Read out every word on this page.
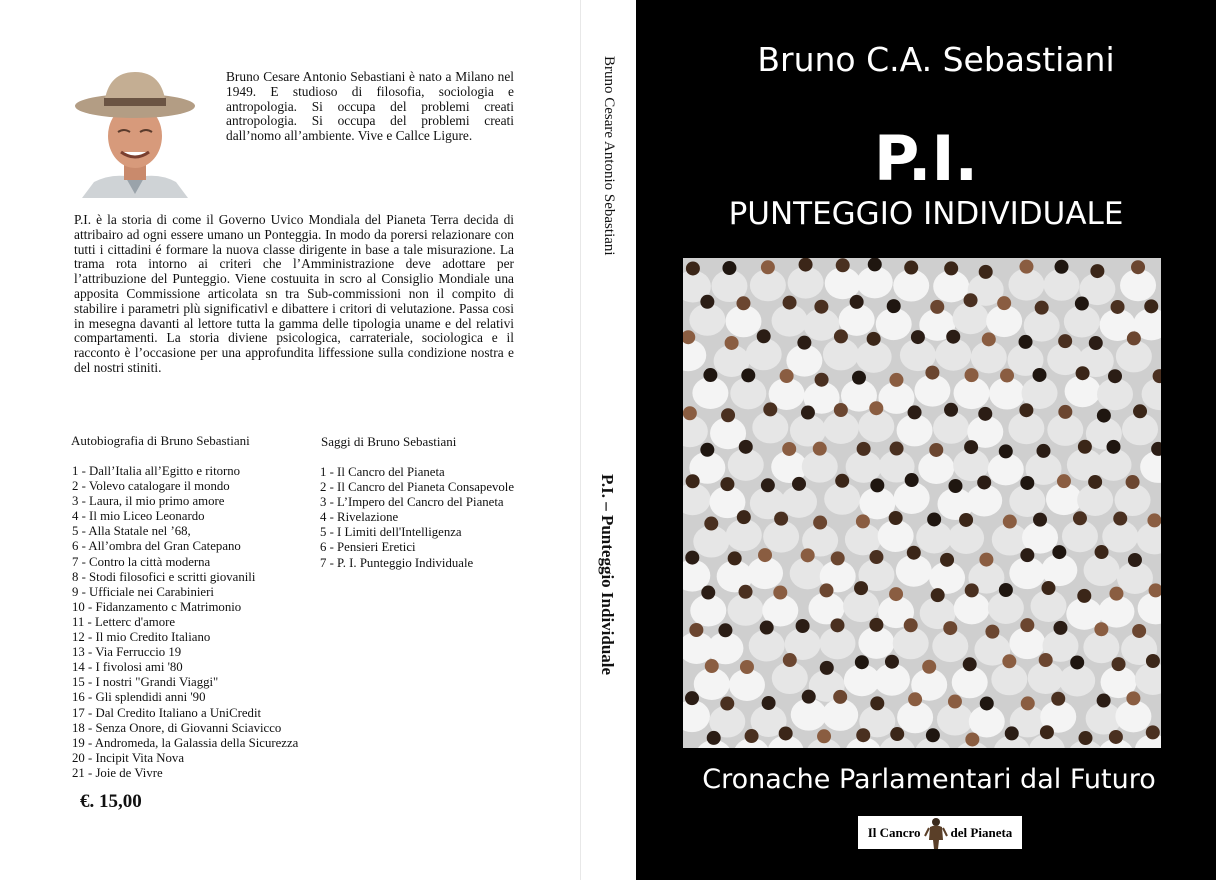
Bruno Cesare Antonio Sebastiani è nato a Milano nel 1949. E studioso di filosofia, sociologia e antropologia. Si occupa del problemi creati antropologia. Si occupa del problemi creati dall’nomo all’ambiente. Vive e Callce Ligure.

P.I. è la storia di come il Governo Uvico Mondiala del Pianeta Terra decida di attribairo ad ogni essere umano un Ponteggia. In modo da porersi relazionare con tutti i cittadini é formare la nuova classe dirigente in base a tale misurazione. La trama rota intorno ai criteri che l’Amministrazione deve adottare per l’attribuzione del Punteggio. Viene costuuita in scro al Consiglio Mondiale una apposita Commissione articolata sn tra Sub-commissioni non il compito di stabilire i parametri plù significativl e dibattere i critori di velutazione. Passa cosi in mesegna davanti al lettore tutta la gamma delle tipologia uname e del relativi compartamenti. La storia diviene psicologica, carrateriale, sociologica e il racconto è l’occasione per una approfundita liffessione sulla condizione nostra e del nostri stiniti.

Autobiografia di Bruno Sebastiani
1 - Dall’Italia all’Egitto e ritorno
2 - Volevo catalogare il mondo
3 - Laura, il mio primo amore
4 - Il mio Liceo Leonardo
5 - Alla Statale nel ’68,
6 - All’ombra del Gran Catepano
7 - Contro la città moderna
8 - Stodi filosofici e scritti giovanili
9 - Ufficiale nei Carabinieri
10 - Fidanzamento c Matrimonio
11 - Letterc d'amore
12 - Il mio Credito Italiano
13 - Via Ferruccio 19
14 - I fivolosi ami '80
15 - I nostri "Grandi Viaggi"
16 - Gli splendidi anni '90
17 - Dal Credito Italiano a UniCredit
18 - Senza Onore, di Giovanni Sciavicco
19 - Andromeda, la Galassia della Sicurezza
20 - Incipit Vita Nova
21 - Joie de Vivre
Saggi di Bruno Sebastiani
1 - Il Cancro del Pianeta
2 - Il Cancro del Pianeta Consapevole
3 - L’Impero del Cancro del Pianeta
4 - Rivelazione
5 - I Limiti dell'Intelligenza
6 - Pensieri Eretici
7 - P. I. Punteggio Individuale
€. 15,00
Bruno Cesare Antonio Sebastiani
P.I. – Punteggio Individuale
Bruno C.A. Sebastiani
P.I.
PUNTEGGIO INDIVIDUALE
Cronache Parlamentari dal Futuro
Il Cancro del Pianeta
